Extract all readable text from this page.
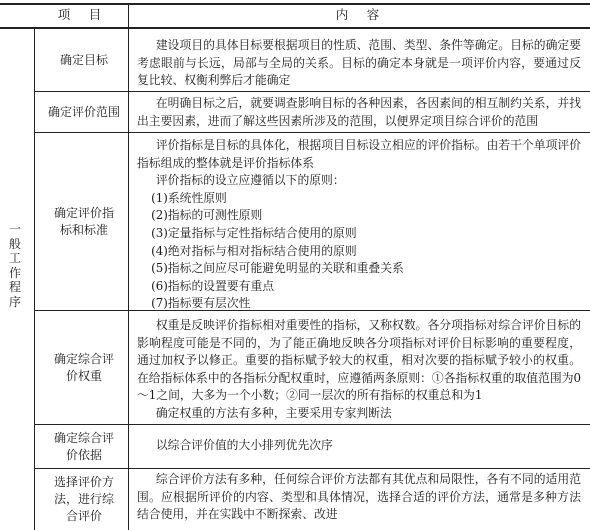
项　目	内　容
一
般
工
作
程
序
确定目标

建设项目的具体目标要根据项目的性质、范围、类型、条件等确定。目标的确定要考虑眼前与长远，局部与全局的关系。目标的确定本身就是一项评价内容，要通过反复比较、权衡利弊后才能确定

确定评价范围

在明确目标之后，就要调查影响目标的各种因素，各因素间的相互制约关系，并找出主要因素，进而了解这些因素所涉及的范围，以便界定项目综合评价的范围

确定评价指标和标准

评价指标是目标的具体化，根据项目目标设立相应的评价指标。由若干个单项评价指标组成的整体就是评价指标体系

评价指标的设立应遵循以下的原则：

(1)系统性原则

(2)指标的可测性原则

(3)定量指标与定性指标结合使用的原则

(4)绝对指标与相对指标结合使用的原则

(5)指标之间应尽可能避免明显的关联和重叠关系

(6)指标的设置要有重点

(7)指标要有层次性

确定综合评价权重

权重是反映评价指标相对重要性的指标，又称权数。各分项指标对综合评价目标的影响程度可能是不同的，为了能正确地反映各分项指标对评价目标影响的重要程度，通过加权予以修正。重要的指标赋予较大的权重，相对次要的指标赋予较小的权重。在给指标体系中的各指标分配权重时，应遵循两条原则：①各指标权重的取值范围为0～1之间，大多为一个小数；②同一层次的所有指标的权重总和为1

确定权重的方法有多种，主要采用专家判断法

确定综合评价依据

以综合评价值的大小排列优先次序

选择评价方法，进行综合评价

综合评价方法有多种，任何综合评价方法都有其优点和局限性，各有不同的适用范围。应根据所评价的内容、类型和具体情况，选择合适的评价方法，通常是多种方法结合使用，并在实践中不断探索、改进
